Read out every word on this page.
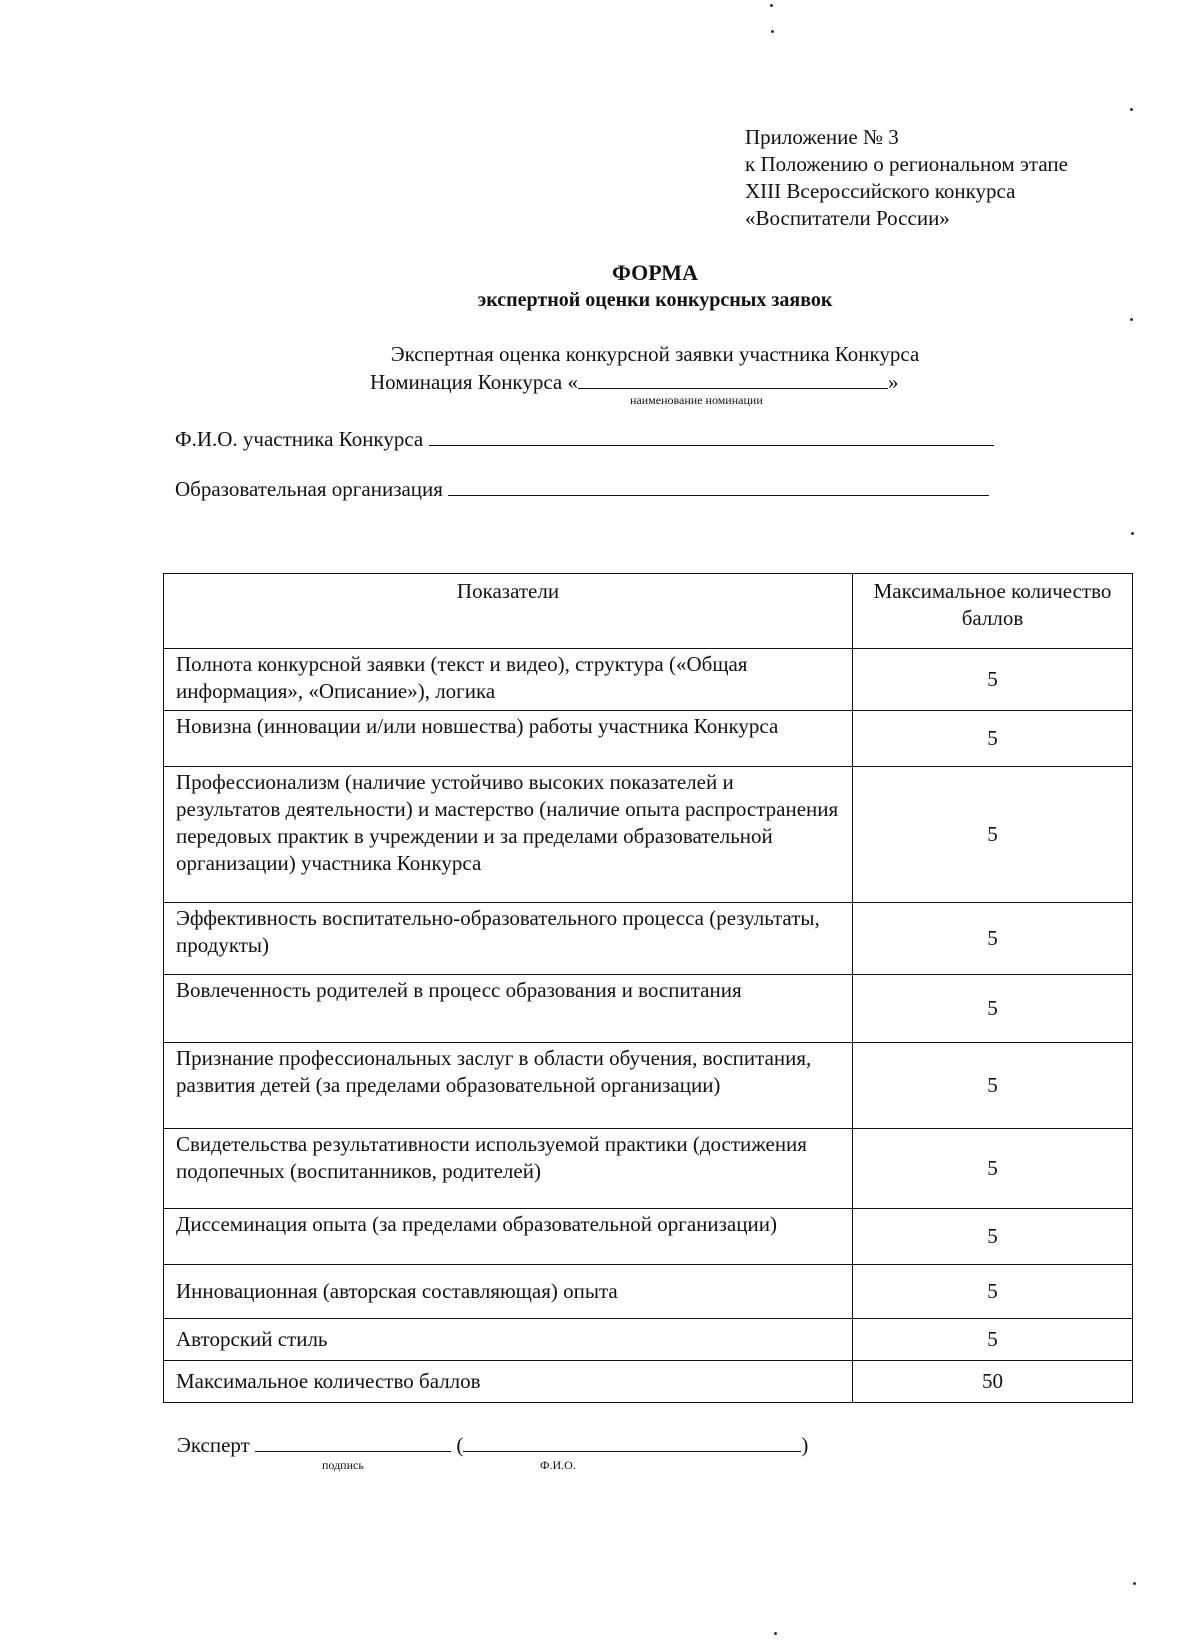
Приложение № 3
к Положению о региональном этапе
XIII Всероссийского конкурса
«Воспитатели России»
ФОРМА
экспертной оценки конкурсных заявок
Экспертная оценка конкурсной заявки участника Конкурса
Номинация Конкурса «	»
наименование номинации
Ф.И.О. участника Конкурса
Образовательная организация
Показатели	Максимальное количество баллов
Полнота конкурсной заявки (текст и видео), структура («Общая информация», «Описание»), логика	5
Новизна (инновации и/или новшества) работы участника Конкурса	5
Профессионализм (наличие устойчиво высоких показателей и результатов деятельности) и мастерство (наличие опыта распространения передовых практик в учреждении и за пределами образовательной организации) участника Конкурса	5
Эффективность воспитательно-образовательного процесса (результаты, продукты)	5
Вовлеченность родителей в процесс образования и воспитания	5
Признание профессиональных заслуг в области обучения, воспитания, развития детей (за пределами образовательной организации)	5
Свидетельства результативности используемой практики (достижения подопечных (воспитанников, родителей)	5
Диссеминация опыта (за пределами образовательной организации)	5
Инновационная (авторская составляющая) опыта	5
Авторский стиль	5
Максимальное количество баллов	50
Эксперт	(	)
подпись	Ф.И.О.
